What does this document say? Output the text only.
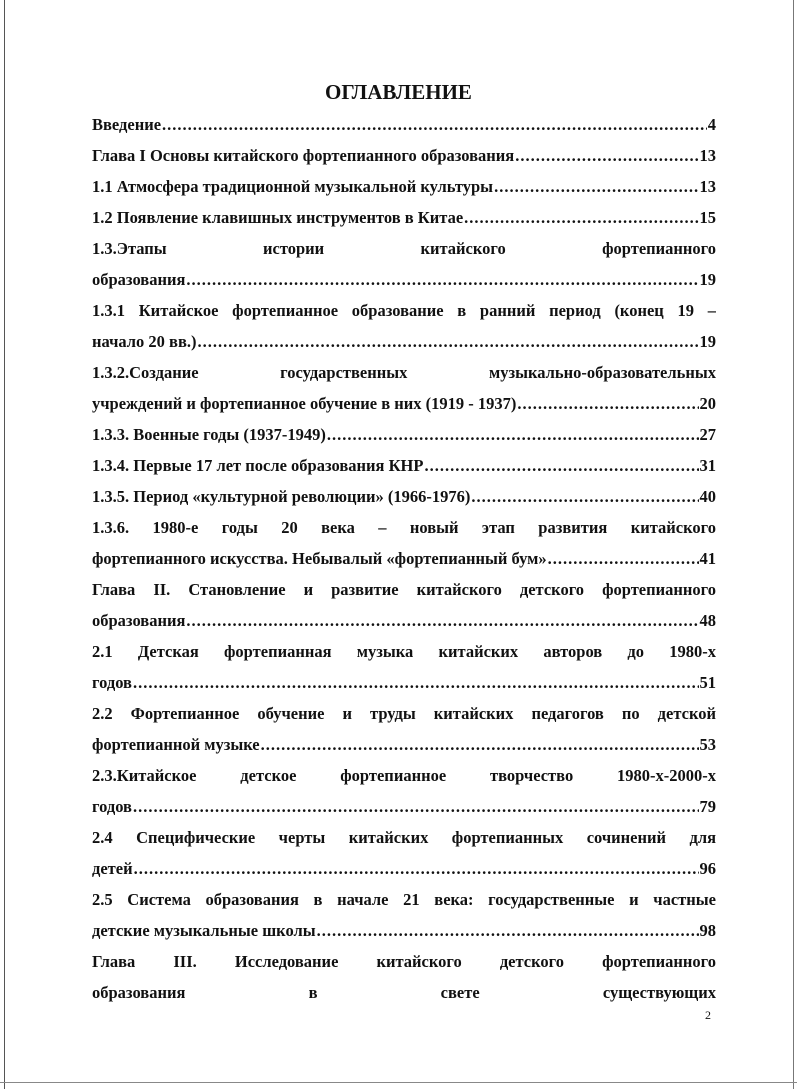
ОГЛАВЛЕНИЕ
Введение .....	4
Глава I Основы китайского фортепианного образования .....	13
1.1 Атмосфера традиционной музыкальной культуры .....	13
1.2 Появление клавишных инструментов в Китае .....	15
1.3.Этапы истории китайского фортепианного
образования .....	19
1.3.1 Китайское фортепианное образование в ранний период (конец 19 –
начало 20 вв.) .....	19
1.3.2.Создание государственных музыкально-образовательных
учреждений и фортепианное обучение в них (1919 - 1937) .....	20
1.3.3. Военные годы (1937-1949) .....	27
1.3.4. Первые 17 лет после образования КНР .....	31
1.3.5. Период «культурной революции» (1966-1976) .....	40
1.3.6. 1980-е годы 20 века – новый этап развития китайского
фортепианного искусства. Небывалый «фортепианный бум» .....	41
Глава II. Становление и развитие китайского детского фортепианного
образования .....	48
2.1 Детская фортепианная музыка китайских авторов до 1980-х
годов .....	51
2.2 Фортепианное обучение и труды китайских педагогов по детской
фортепианной музыке .....	53
2.3.Китайское детское фортепианное творчество 1980-х-2000-х
годов .....	79
2.4 Специфические черты китайских фортепианных сочинений для
детей .....	96
2.5 Система образования в начале 21 века: государственные и частные
детские музыкальные школы .....	98
Глава III. Исследование китайского детского фортепианного
образования в свете существующих
2
